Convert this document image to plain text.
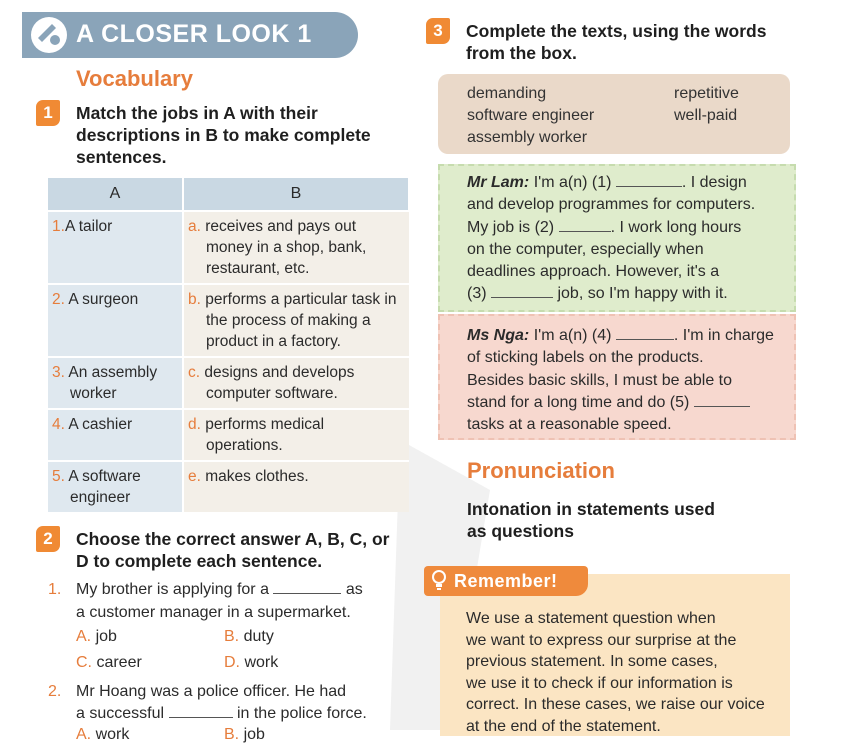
A CLOSER LOOK 1
Vocabulary
1	Match the jobs in A with their descriptions in B to make complete sentences.
A	B

1.A tailor	a. receives and pays out money in a shop, bank, restaurant, etc.

2. A surgeon	b. performs a particular task in the process of making a product in a factory.

3. An assembly worker	c. designs and develops computer software.

4. A cashier	d. performs medical operations.

5. A software engineer	e. makes clothes.
2	Choose the correct answer A, B, C, or D to complete each sentence.
1. My brother is applying for a	as
a customer manager in a supermarket.
A. job	B. duty
C. career	D. work
2. Mr Hoang was a police officer. He had
a successful	in the police force.
A. work	B. job
3	Complete the texts, using the words
from the box.
demanding	repetitive
software engineer	well-paid
assembly worker
Mr Lam: I'm a(n) (1)	. I design
and develop programmes for computers.
My job is (2)	. I work long hours
on the computer, especially when
deadlines approach. However, it's a
(3)	job, so I'm happy with it.
Ms Nga: I'm a(n) (4)	. I'm in charge
of sticking labels on the products.
Besides basic skills, I must be able to
stand for a long time and do (5)
tasks at a reasonable speed.
Pronunciation
Intonation in statements used
as questions
Remember!
We use a statement question when
we want to express our surprise at the
previous statement. In some cases,
we use it to check if our information is
correct. In these cases, we raise our voice
at the end of the statement.
